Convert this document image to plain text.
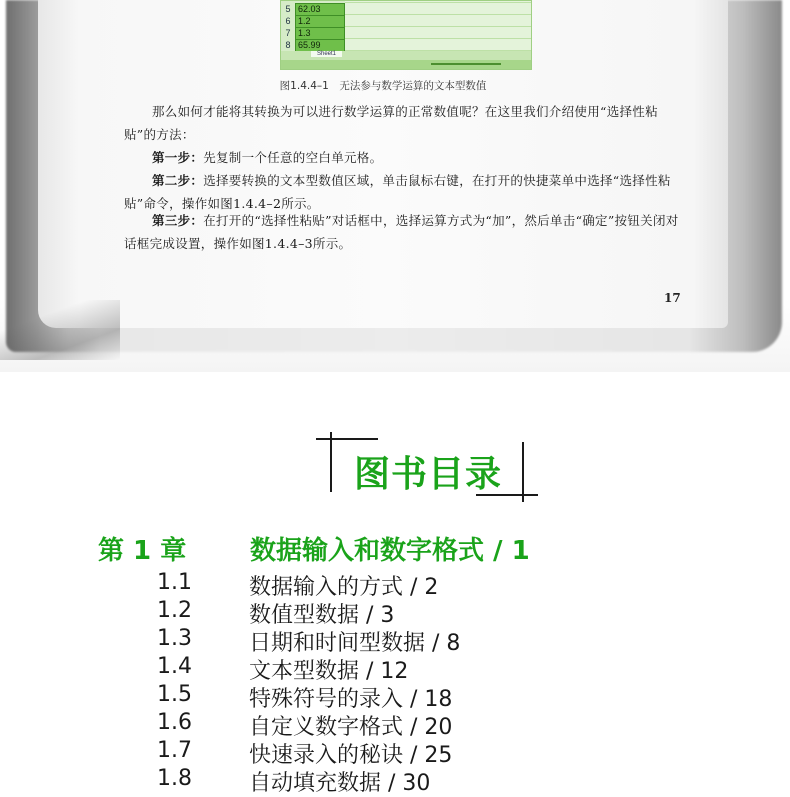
5 62.03
6 1.2
7 1.3
8 65.99
Sheet1
图1.4.4–1　无法参与数学运算的文本型数值
那么如何才能将其转换为可以进行数学运算的正常数值呢？在这里我们介绍使用“选择性粘贴”的方法：
第一步：先复制一个任意的空白单元格。
第二步：选择要转换的文本型数值区域，单击鼠标右键，在打开的快捷菜单中选择“选择性粘贴”命令，操作如图1.4.4–2所示。
第三步：在打开的“选择性粘贴”对话框中，选择运算方式为“加”，然后单击“确定”按钮关闭对话框完成设置，操作如图1.4.4–3所示。
17
图书目录
第 1 章 数据输入和数字格式 / 1
1.1	数据输入的方式 / 2
1.2	数值型数据 / 3
1.3	日期和时间型数据 / 8
1.4	文本型数据 / 12
1.5	特殊符号的录入 / 18
1.6	自定义数字格式 / 20
1.7	快速录入的秘诀 / 25
1.8	自动填充数据 / 30
